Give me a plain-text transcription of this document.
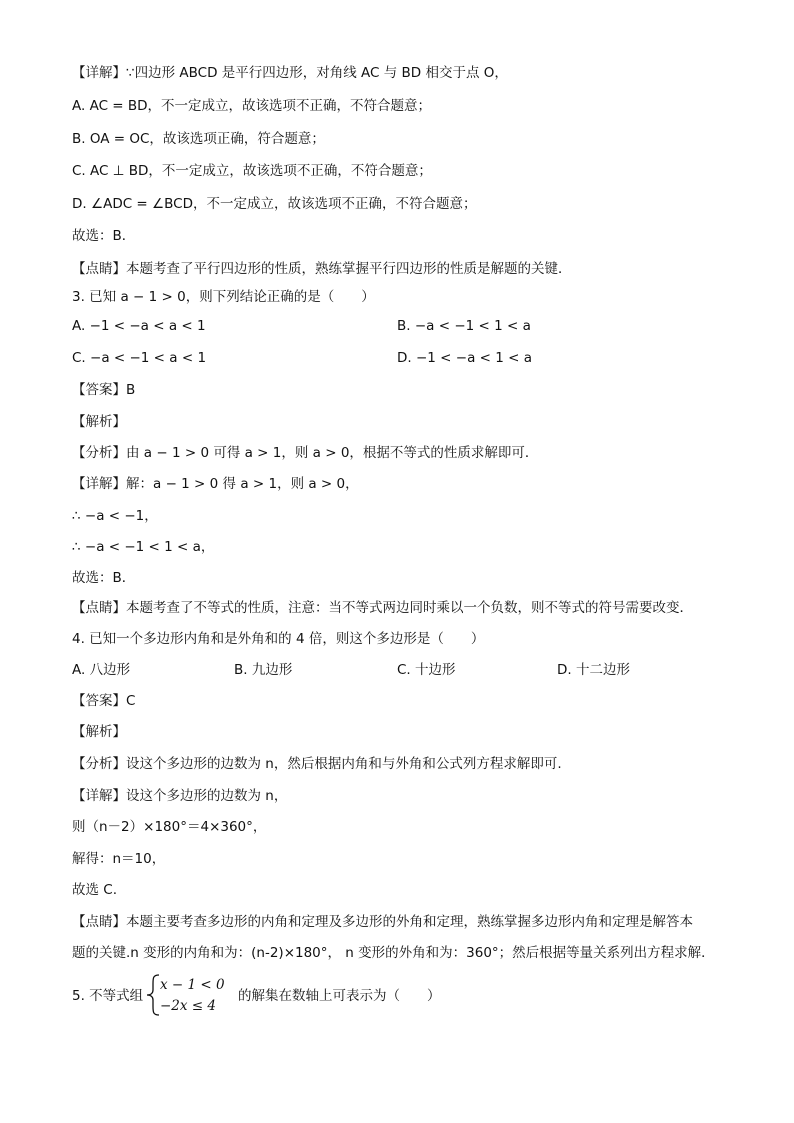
【详解】∵四边形 ABCD 是平行四边形，对角线 AC 与 BD 相交于点 O，
A. AC = BD，不一定成立，故该选项不正确，不符合题意；
B. OA = OC，故该选项正确，符合题意；
C. AC ⊥ BD，不一定成立，故该选项不正确，不符合题意；
D. ∠ADC = ∠BCD，不一定成立，故该选项不正确，不符合题意；
故选：B．
【点睛】本题考查了平行四边形的性质，熟练掌握平行四边形的性质是解题的关键．
3. 已知 a − 1 > 0，则下列结论正确的是（　　）
A. −1 < −a < a < 1	B. −a < −1 < 1 < a
C. −a < −1 < a < 1	D. −1 < −a < 1 < a
【答案】B
【解析】
【分析】由 a − 1 > 0 可得 a > 1，则 a > 0，根据不等式的性质求解即可．
【详解】解：a − 1 > 0 得 a > 1，则 a > 0，
∴ −a < −1，
∴ −a < −1 < 1 < a，
故选：B．
【点睛】本题考查了不等式的性质，注意：当不等式两边同时乘以一个负数，则不等式的符号需要改变．
4. 已知一个多边形内角和是外角和的 4 倍，则这个多边形是（　　）
A. 八边形	B. 九边形	C. 十边形	D. 十二边形
【答案】C
【解析】
【分析】设这个多边形的边数为 n，然后根据内角和与外角和公式列方程求解即可.
【详解】设这个多边形的边数为 n，
则（n－2）×180°＝4×360°，
解得：n＝10，
故选 C.
【点睛】本题主要考查多边形的内角和定理及多边形的外角和定理，熟练掌握多边形内角和定理是解答本
题的关键.n 变形的内角和为：(n-2)×180°， n 变形的外角和为：360°；然后根据等量关系列出方程求解．
5. 不等式组
x − 1 < 0
−2x ≤ 4
的解集在数轴上可表示为（　　）
